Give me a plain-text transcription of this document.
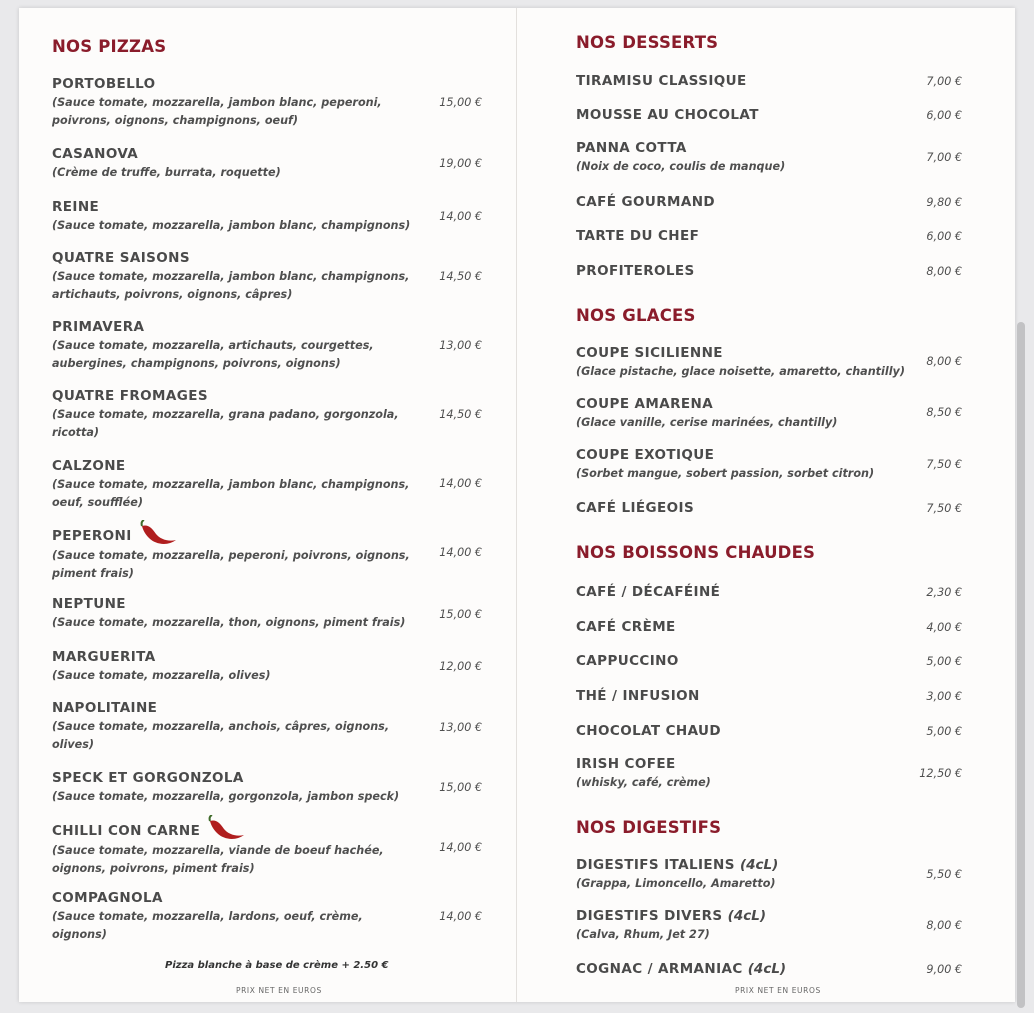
NOS PIZZAS
PORTOBELLO
(Sauce tomate, mozzarella, jambon blanc, peperoni, poivrons, oignons, champignons, oeuf)
15,00 €
CASANOVA
(Crème de truffe, burrata, roquette)
19,00 €
REINE
(Sauce tomate, mozzarella, jambon blanc, champignons)
14,00 €
QUATRE SAISONS
(Sauce tomate, mozzarella, jambon blanc, champignons, artichauts, poivrons, oignons, câpres)
14,50 €
PRIMAVERA
(Sauce tomate, mozzarella, artichauts, courgettes, aubergines, champignons, poivrons, oignons)
13,00 €
QUATRE FROMAGES
(Sauce tomate, mozzarella, grana padano, gorgonzola, ricotta)
14,50 €
CALZONE
(Sauce tomate, mozzarella, jambon blanc, champignons, oeuf, soufflée)
14,00 €
PEPERONI
(Sauce tomate, mozzarella, peperoni, poivrons, oignons, piment frais)
14,00 €
NEPTUNE
(Sauce tomate, mozzarella, thon, oignons, piment frais)
15,00 €
MARGUERITA
(Sauce tomate, mozzarella, olives)
12,00 €
NAPOLITAINE
(Sauce tomate, mozzarella, anchois, câpres, oignons, olives)
13,00 €
SPECK ET GORGONZOLA
(Sauce tomate, mozzarella, gorgonzola, jambon speck)
15,00 €
CHILLI CON CARNE
(Sauce tomate, mozzarella, viande de boeuf hachée, oignons, poivrons, piment frais)
14,00 €
COMPAGNOLA
(Sauce tomate, mozzarella, lardons, oeuf, crème, oignons)
14,00 €
Pizza blanche à base de crème + 2.50 €
PRIX NET EN EUROS
NOS DESSERTS
TIRAMISU CLASSIQUE	7,00 €
MOUSSE AU CHOCOLAT	6,00 €
PANNA COTTA
(Noix de coco, coulis de manque)
7,00 €
CAFÉ GOURMAND	9,80 €
TARTE DU CHEF	6,00 €
PROFITEROLES	8,00 €
NOS GLACES
COUPE SICILIENNE
(Glace pistache, glace noisette, amaretto, chantilly)
8,00 €
COUPE AMARENA
(Glace vanille, cerise marinées, chantilly)
8,50 €
COUPE EXOTIQUE
(Sorbet mangue, sobert passion, sorbet citron)
7,50 €
CAFÉ LIÉGEOIS	7,50 €
NOS BOISSONS CHAUDES
CAFÉ / DÉCAFÉINÉ	2,30 €
CAFÉ CRÈME	4,00 €
CAPPUCCINO	5,00 €
THÉ / INFUSION	3,00 €
CHOCOLAT CHAUD	5,00 €
IRISH COFEE
(whisky, café, crème)
12,50 €
NOS DIGESTIFS
DIGESTIFS ITALIENS (4cL)
(Grappa, Limoncello, Amaretto)
5,50 €
DIGESTIFS DIVERS (4cL)
(Calva, Rhum, Jet 27)
8,00 €
COGNAC / ARMANIAC (4cL)	9,00 €
PRIX NET EN EUROS
